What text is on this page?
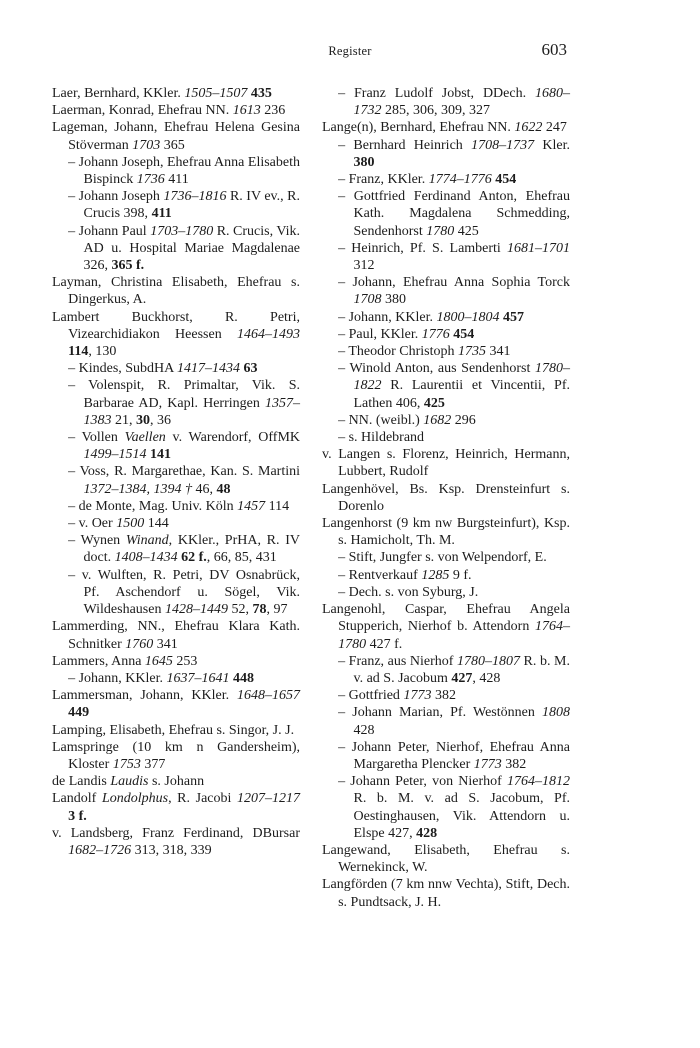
Register	603

Laer, Bernhard, KKler. 1505–1507 435

Laerman, Konrad, Ehefrau NN. 1613 236

Lageman, Johann, Ehefrau Helena Gesina Stöverman 1703 365

– Johann Joseph, Ehefrau Anna Elisabeth Bispinck 1736 411

– Johann Joseph 1736–1816 R. IV ev., R. Crucis 398, 411

– Johann Paul 1703–1780 R. Crucis, Vik. AD u. Hospital Mariae Magdalenae 326, 365 f.

Layman, Christina Elisabeth, Ehefrau s. Dingerkus, A.

Lambert Buckhorst, R. Petri, Vizearchidiakon Heessen 1464–1493 114, 130

– Kindes, SubdHA 1417–1434 63

– Volenspit, R. Primaltar, Vik. S. Barbarae AD, Kapl. Herringen 1357–1383 21, 30, 36

– Vollen Vaellen v. Warendorf, OffMK 1499–1514 141

– Voss, R. Margarethae, Kan. S. Martini 1372–1384, 1394 † 46, 48

– de Monte, Mag. Univ. Köln 1457 114

– v. Oer 1500 144

– Wynen Winand, KKler., PrHA, R. IV doct. 1408–1434 62 f., 66, 85, 431

– v. Wulften, R. Petri, DV Osnabrück, Pf. Aschendorf u. Sögel, Vik. Wildeshausen 1428–1449 52, 78, 97

Lammerding, NN., Ehefrau Klara Kath. Schnitker 1760 341

Lammers, Anna 1645 253

– Johann, KKler. 1637–1641 448

Lammersman, Johann, KKler. 1648–1657 449

Lamping, Elisabeth, Ehefrau s. Singor, J. J.

Lamspringe (10 km n Gandersheim), Kloster 1753 377

de Landis Laudis s. Johann

Landolf Londolphus, R. Jacobi 1207–1217 3 f.

v. Landsberg, Franz Ferdinand, DBursar 1682–1726 313, 318, 339

– Franz Ludolf Jobst, DDech. 1680–1732 285, 306, 309, 327

Lange(n), Bernhard, Ehefrau NN. 1622 247

– Bernhard Heinrich 1708–1737 Kler. 380

– Franz, KKler. 1774–1776 454

– Gottfried Ferdinand Anton, Ehefrau Kath. Magdalena Schmedding, Sendenhorst 1780 425

– Heinrich, Pf. S. Lamberti 1681–1701 312

– Johann, Ehefrau Anna Sophia Torck 1708 380

– Johann, KKler. 1800–1804 457

– Paul, KKler. 1776 454

– Theodor Christoph 1735 341

– Winold Anton, aus Sendenhorst 1780–1822 R. Laurentii et Vincentii, Pf. Lathen 406, 425

– NN. (weibl.) 1682 296

– s. Hildebrand

v. Langen s. Florenz, Heinrich, Hermann, Lubbert, Rudolf

Langenhövel, Bs. Ksp. Drensteinfurt s. Dorenlo

Langenhorst (9 km nw Burgsteinfurt), Ksp. s. Hamicholt, Th. M.

– Stift, Jungfer s. von Welpendorf, E.

– Rentverkauf 1285 9 f.

– Dech. s. von Syburg, J.

Langenohl, Caspar, Ehefrau Angela Stupperich, Nierhof b. Attendorn 1764–1780 427 f.

– Franz, aus Nierhof 1780–1807 R. b. M. v. ad S. Jacobum 427, 428

– Gottfried 1773 382

– Johann Marian, Pf. Westönnen 1808 428

– Johann Peter, Nierhof, Ehefrau Anna Margaretha Plencker 1773 382

– Johann Peter, von Nierhof 1764–1812 R. b. M. v. ad S. Jacobum, Pf. Oestinghausen, Vik. Attendorn u. Elspe 427, 428

Langewand, Elisabeth, Ehefrau s. Wernekinck, W.

Langförden (7 km nnw Vechta), Stift, Dech. s. Pundtsack, J. H.
